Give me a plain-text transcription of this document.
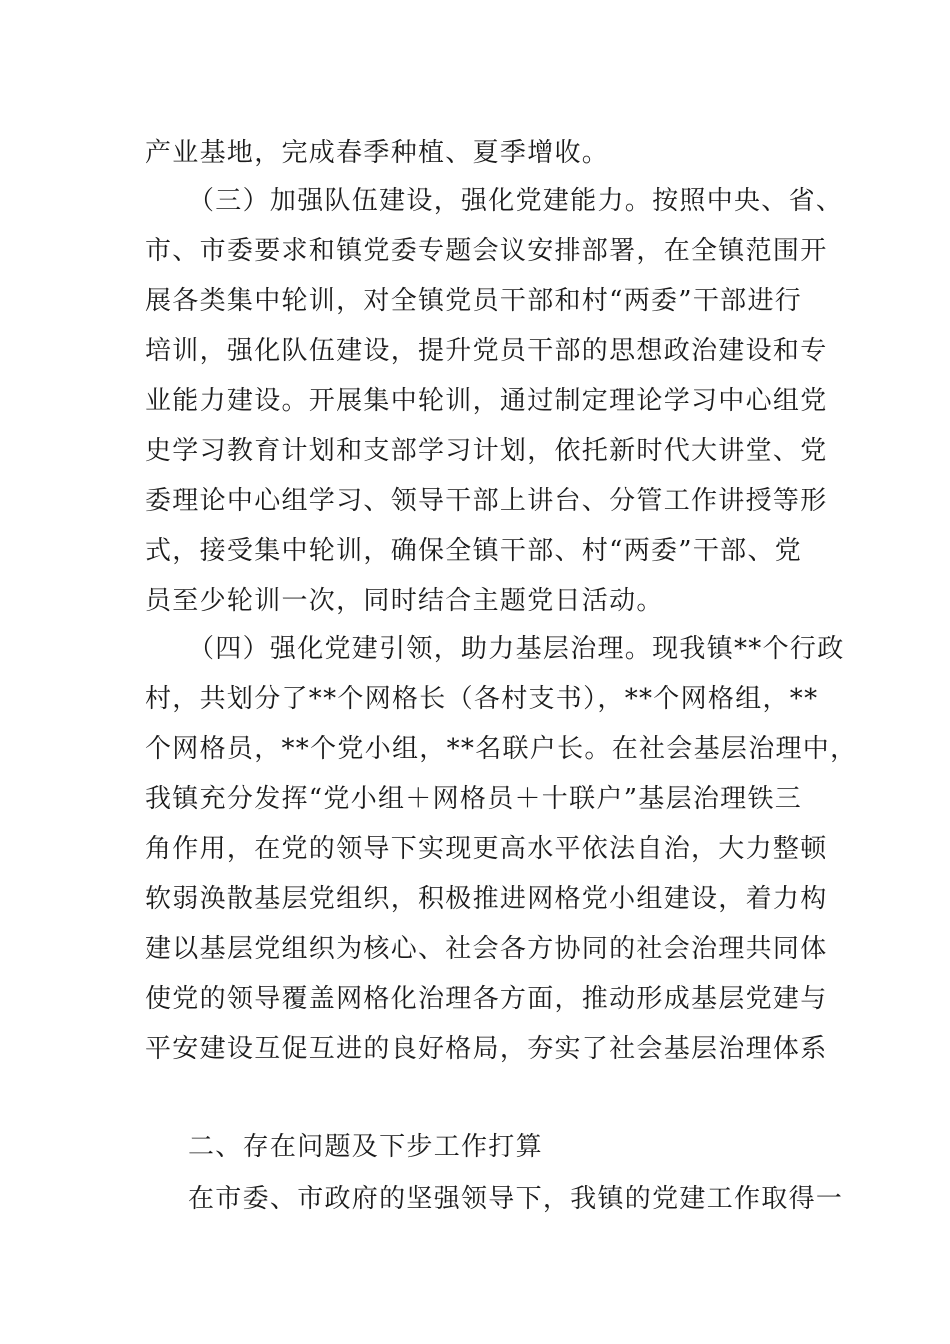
产业基地，完成春季种植、夏季增收。
（三）加强队伍建设，强化党建能力。按照中央、省、
市、市委要求和镇党委专题会议安排部署，在全镇范围开
展各类集中轮训，对全镇党员干部和村“两委”干部进行
培训，强化队伍建设，提升党员干部的思想政治建设和专
业能力建设。开展集中轮训，通过制定理论学习中心组党
史学习教育计划和支部学习计划，依托新时代大讲堂、党
委理论中心组学习、领导干部上讲台、分管工作讲授等形
式，接受集中轮训，确保全镇干部、村“两委”干部、党
员至少轮训一次，同时结合主题党日活动。
（四）强化党建引领，助力基层治理。现我镇**个行政
村，共划分了**个网格长（各村支书），**个网格组，**
个网格员，**个党小组，**名联户长。在社会基层治理中，
我镇充分发挥“党小组＋网格员＋十联户”基层治理铁三
角作用，在党的领导下实现更高水平依法自治，大力整顿
软弱涣散基层党组织，积极推进网格党小组建设，着力构
建以基层党组织为核心、社会各方协同的社会治理共同体
使党的领导覆盖网格化治理各方面，推动形成基层党建与
平安建设互促互进的良好格局，夯实了社会基层治理体系
二、存在问题及下步工作打算
在市委、市政府的坚强领导下，我镇的党建工作取得一
